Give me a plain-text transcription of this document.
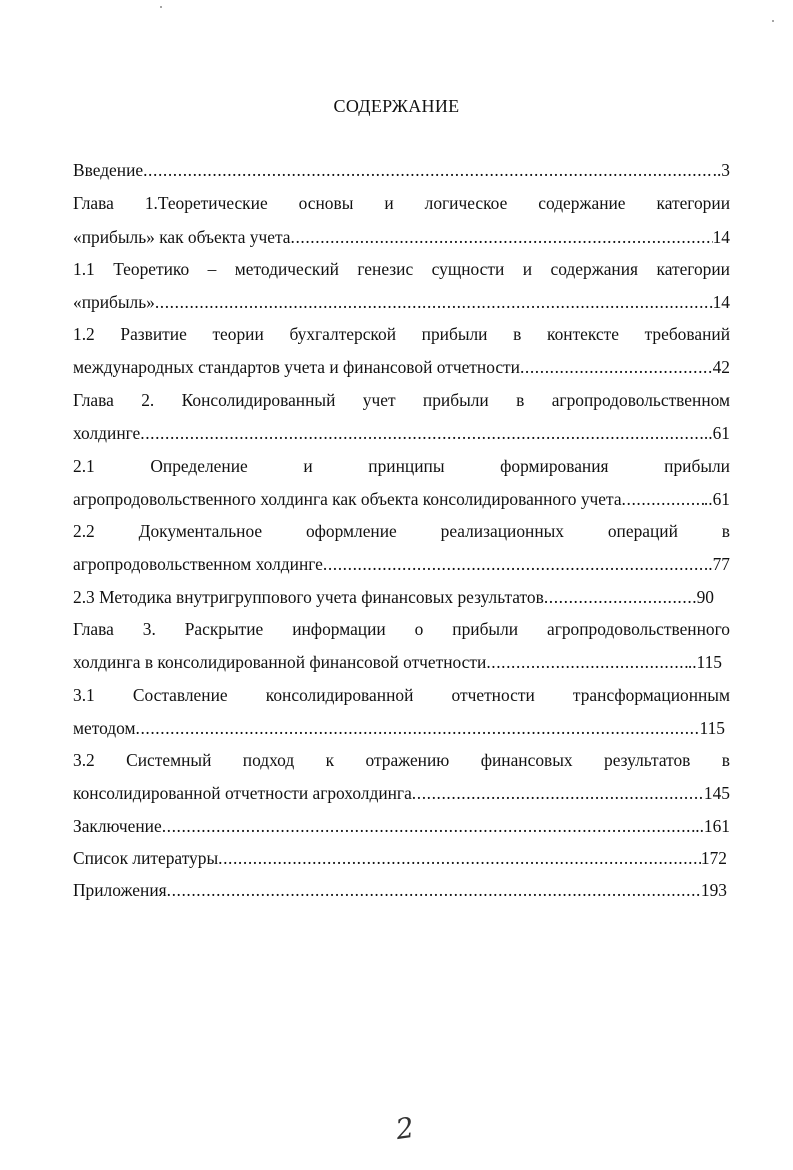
СОДЕРЖАНИЕ
Введение .....	..3
Глава 1.Теоретические основы и логическое содержание категории
«прибыль» как объекта учета .....	14
1.1 Теоретико – методический генезис сущности и содержания категории
«прибыль» .....	14
1.2 Развитие теории бухгалтерской прибыли в контексте требований
международных стандартов учета и финансовой отчетности .....	42
Глава 2. Консолидированный учет прибыли в агропродовольственном
холдинге .....	..61
2.1 Определение и принципы формирования прибыли
агропродовольственного холдинга как объекта консолидированного учета .....	..61
2.2 Документальное оформление реализационных операций в
агропродовольственном холдинге .....	..77
2.3 Методика внутригруппового учета финансовых результатов .....	90
Глава 3. Раскрытие информации о прибыли агропродовольственного
холдинга в консолидированной финансовой отчетности .....	..115
3.1 Составление консолидированной отчетности трансформационным
методом .....	115
3.2 Системный подход к отражению финансовых результатов в
консолидированной отчетности агрохолдинга .....	145
Заключение .....	..161
Список литературы .....	172
Приложения .....	193
2
